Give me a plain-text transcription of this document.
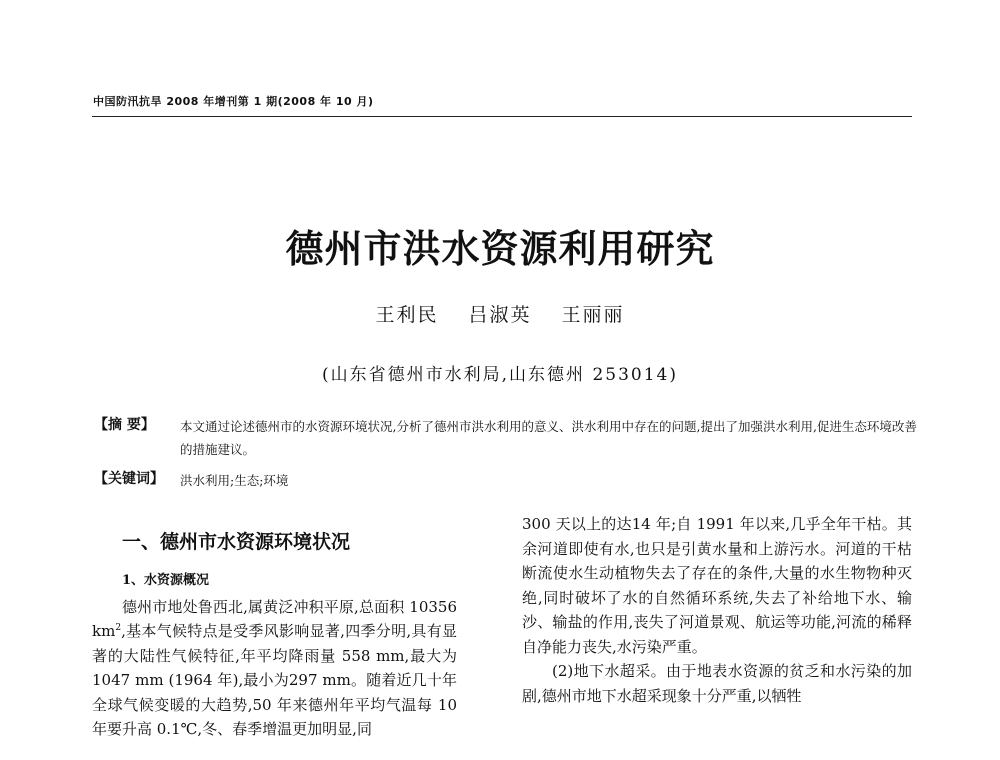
中国防汛抗旱 2008 年增刊第 1 期(2008 年 10 月)
德州市洪水资源利用研究
王利民 吕淑英 王丽丽
(山东省德州市水利局,山东德州 253014)
【摘 要】	本文通过论述德州市的水资源环境状况,分析了德州市洪水利用的意义、洪水利用中存在的问题,提出了加强洪水利用,促进生态环境改善的措施建议。
【关键词】	洪水利用;生态;环境
一、德州市水资源环境状况
1、水资源概况

德州市地处鲁西北,属黄泛冲积平原,总面积 10356 $km^2$,基本气候特点是受季风影响显著,四季分明,具有显著的大陆性气候特征,年平均降雨量 558 mm,最大为 1047 mm (1964 年),最小为297 mm。随着近几十年全球气候变暖的大趋势,50 年来德州年平均气温每 10 年要升高 0.1℃,冬、春季增温更加明显,同

300 天以上的达14 年;自 1991 年以来,几乎全年干枯。其余河道即使有水,也只是引黄水量和上游污水。河道的干枯断流使水生动植物失去了存在的条件,大量的水生物物种灭绝,同时破坏了水的自然循环系统,失去了补给地下水、输沙、输盐的作用,丧失了河道景观、航运等功能,河流的稀释自净能力丧失,水污染严重。

(2)地下水超采。由于地表水资源的贫乏和水污染的加剧,德州市地下水超采现象十分严重,以牺牲
